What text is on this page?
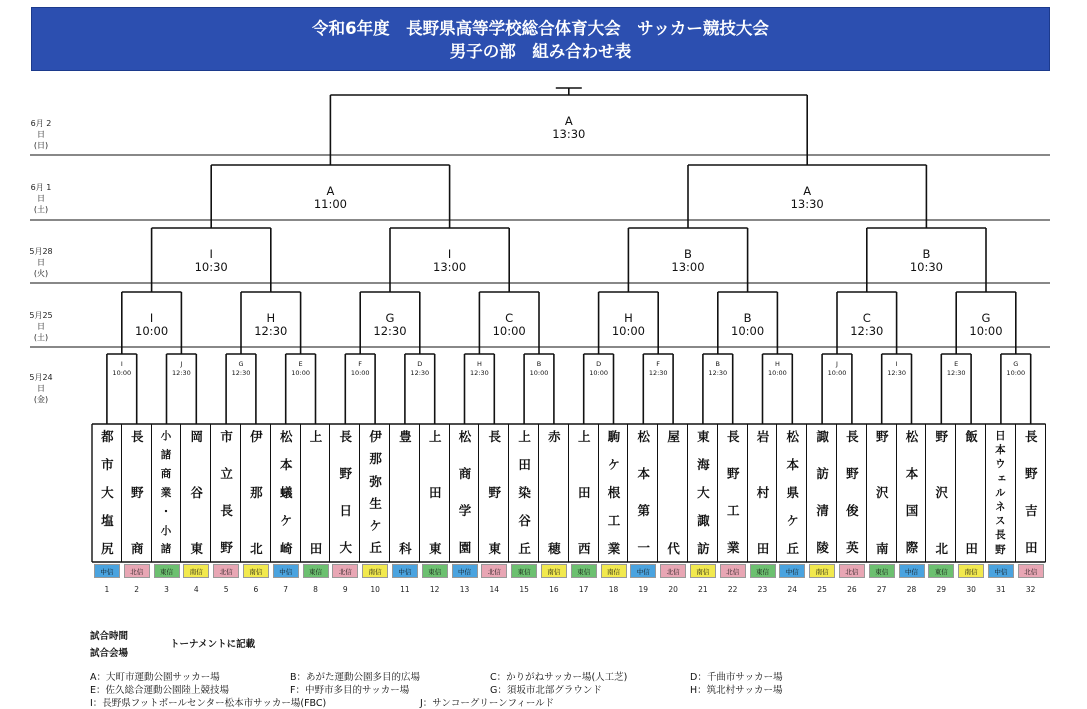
令和6年度　長野県高等学校総合体育大会　サッカー競技大会
男子の部　組み合わせ表
6月 2日
(日)
6月 1日
(土)
5月28日
(火)
5月25日
(土)
5月24日
(金)
I
10:00
J
12:30
G
12:30
E
10:00
F
10:00
D
12:30
H
12:30
B
10:00
D
10:00
F
12:30
B
12:30
H
10:00
J
10:00
I
12:30
E
12:30
G
10:00
I
10:00
H
12:30
G
12:30
C
10:00
H
10:00
B
10:00
C
12:30
G
10:00
I
10:30
I
13:00
B
13:00
B
10:30
A
11:00
A
13:30
A
13:30
都
市
大
塩
尻
中信
1
長
野
商
北信
2
小
諸
商
業
・
小
諸
東信
3
岡
谷
東
南信
4
市
立
長
野
北信
5
伊
那
北
南信
6
松
本
蟻
ケ
崎
中信
7
上
田
東信
8
長
野
日
大
北信
9
伊
那
弥
生
ケ
丘
南信
10
豊
科
中信
11
上
田
東
東信
12
松
商
学
園
中信
13
長
野
東
北信
14
上
田
染
谷
丘
東信
15
赤
穂
南信
16
上
田
西
東信
17
駒
ケ
根
工
業
南信
18
松
本
第
一
中信
19
屋
代
北信
20
東
海
大
諏
訪
南信
21
長
野
工
業
北信
22
岩
村
田
東信
23
松
本
県
ケ
丘
中信
24
諏
訪
清
陵
南信
25
長
野
俊
英
北信
26
野
沢
南
東信
27
松
本
国
際
中信
28
野
沢
北
東信
29
飯
田
南信
30
日
本
ウ
ェ
ル
ネ
ス
長
野
中信
31
長
野
吉
田
北信
32
試合時間
試合会場
トーナメントに記載
A：大町市運動公園サッカー場	B：あがた運動公園多目的広場	C：かりがねサッカー場(人工芝)	D：千曲市サッカー場
E：佐久総合運動公園陸上競技場	F：中野市多目的サッカー場	G：須坂市北部グラウンド	H：筑北村サッカー場
I：長野県フットボールセンター松本市サッカー場(FBC)	J：サンコーグリーンフィールド
